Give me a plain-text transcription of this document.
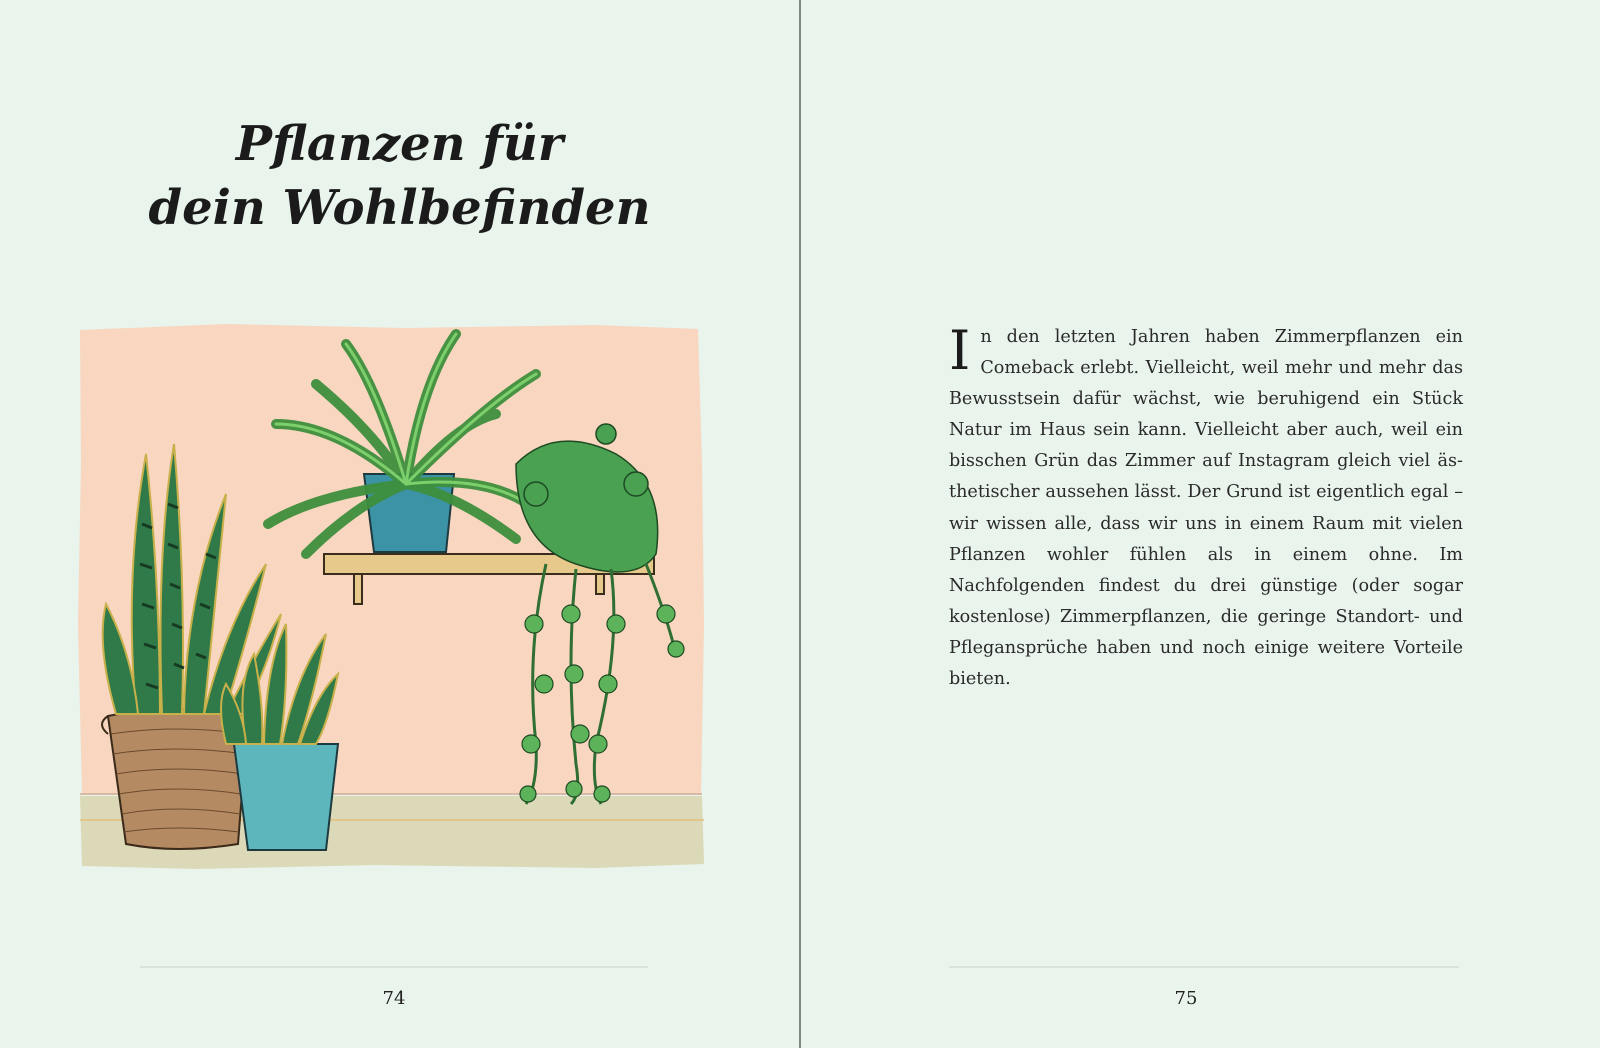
Pflanzen für
dein Wohlbefinden
74
I n den letzten Jahren haben Zimmerpflanzen ein Comeback erlebt. Vielleicht, weil mehr und mehr das Bewusstsein dafür wächst, wie beruhigend ein Stück Natur im Haus sein kann. Vielleicht aber auch, weil ein bisschen Grün das Zimmer auf Instagram gleich viel ästhetischer aussehen lässt. Der Grund ist eigentlich egal – wir wissen alle, dass wir uns in einem Raum mit vielen Pflanzen wohler fühlen als in einem ohne. Im Nachfolgenden findest du drei günstige (oder sogar kostenlose) Zimmerpflanzen, die geringe Standort- und Pflegansprüche haben und noch einige weitere Vorteile bieten.
75
